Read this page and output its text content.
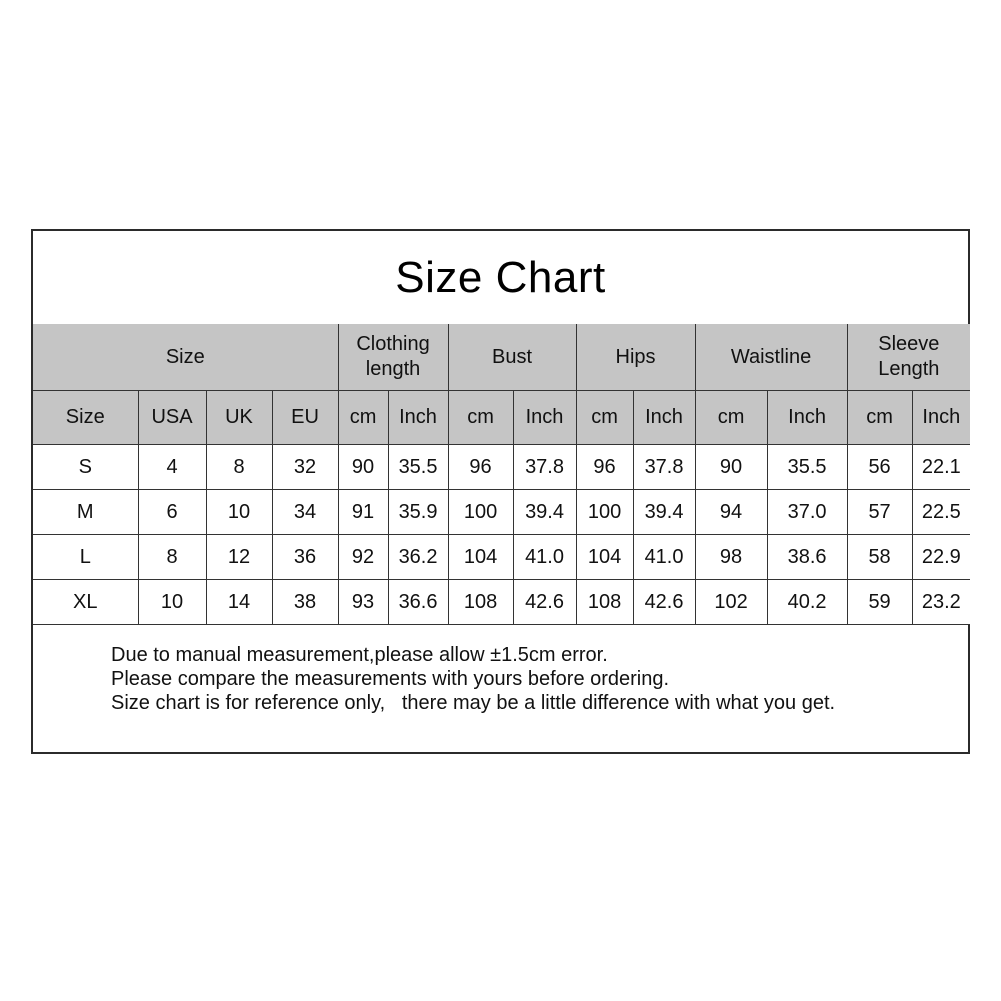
Size Chart
Size				Clothing length		Bust		Hips		Waistline		Sleeve Length	
Size	USA	UK	EU	cm	Inch	cm	Inch	cm	Inch	cm	Inch	cm	Inch
S	4	8	32	90	35.5	96	37.8	96	37.8	90	35.5	56	22.1
M	6	10	34	91	35.9	100	39.4	100	39.4	94	37.0	57	22.5
L	8	12	36	92	36.2	104	41.0	104	41.0	98	38.6	58	22.9
XL	10	14	38	93	36.6	108	42.6	108	42.6	102	40.2	59	23.2
Due to manual measurement,please allow ±1.5cm error.
Please compare the measurements with yours before ordering.
Size chart is for reference only,   there may be a little difference with what you get.
